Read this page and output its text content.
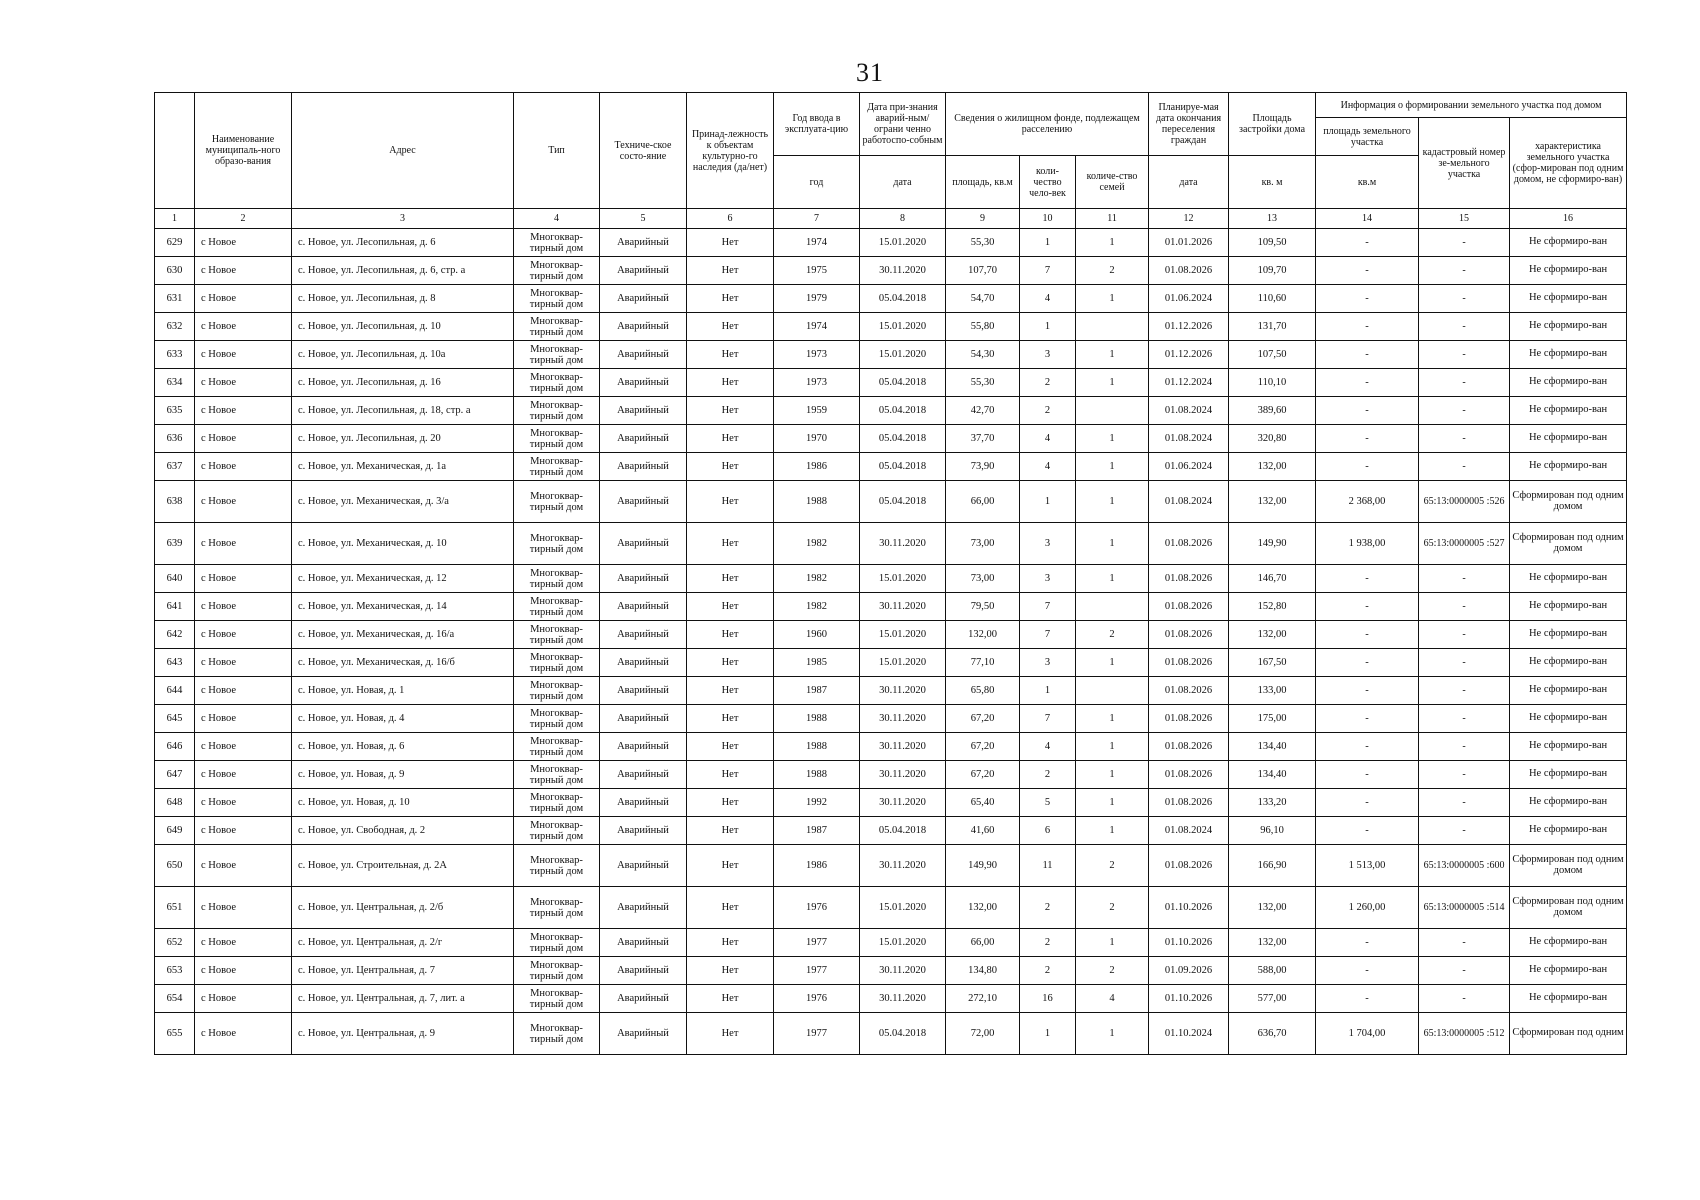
31
	Наименование муниципаль-ного образо-вания	Адрес	Тип	Техниче-ское состо-яние	Принад-лежность к объектам культурно-го наследия (да/нет)	Год ввода в эксплуата-цию	Дата при-знания аварий-ным/ограни ченно работоспо-собным	Сведения о жилищном фонде, подлежащем расселению			Планируе-мая дата окончания переселения граждан	Площадь застройки дома	Информация о формировании земельного участка под домом		
													площадь земельного участка	кадастровый номер зе-мельного участка	характеристика земельного участка (сфор-мирован под одним домом, не сформиро-ван)
						год	дата	площадь, кв.м	коли-чество чело-век	количе-ство семей	дата	кв. м	кв.м		
1	2	3	4	5	6	7	8	9	10	11	12	13	14	15	16
629	с Новое	с. Новое, ул. Лесопильная, д. 6	Многоквар-тирный дом	Аварийный	Нет	1974	15.01.2020	55,30	1	1	01.01.2026	109,50	-	-	Не сформиро-ван
630	с Новое	с. Новое, ул. Лесопильная, д. 6, стр. а	Многоквар-тирный дом	Аварийный	Нет	1975	30.11.2020	107,70	7	2	01.08.2026	109,70	-	-	Не сформиро-ван
631	с Новое	с. Новое, ул. Лесопильная, д. 8	Многоквар-тирный дом	Аварийный	Нет	1979	05.04.2018	54,70	4	1	01.06.2024	110,60	-	-	Не сформиро-ван
632	с Новое	с. Новое, ул. Лесопильная, д. 10	Многоквар-тирный дом	Аварийный	Нет	1974	15.01.2020	55,80	1		01.12.2026	131,70	-	-	Не сформиро-ван
633	с Новое	с. Новое, ул. Лесопильная, д. 10а	Многоквар-тирный дом	Аварийный	Нет	1973	15.01.2020	54,30	3	1	01.12.2026	107,50	-	-	Не сформиро-ван
634	с Новое	с. Новое, ул. Лесопильная, д. 16	Многоквар-тирный дом	Аварийный	Нет	1973	05.04.2018	55,30	2	1	01.12.2024	110,10	-	-	Не сформиро-ван
635	с Новое	с. Новое, ул. Лесопильная, д. 18, стр. а	Многоквар-тирный дом	Аварийный	Нет	1959	05.04.2018	42,70	2		01.08.2024	389,60	-	-	Не сформиро-ван
636	с Новое	с. Новое, ул. Лесопильная, д. 20	Многоквар-тирный дом	Аварийный	Нет	1970	05.04.2018	37,70	4	1	01.08.2024	320,80	-	-	Не сформиро-ван
637	с Новое	с. Новое, ул. Механическая, д. 1а	Многоквар-тирный дом	Аварийный	Нет	1986	05.04.2018	73,90	4	1	01.06.2024	132,00	-	-	Не сформиро-ван
638	с Новое	с. Новое, ул. Механическая, д. 3/а	Многоквар-тирный дом	Аварийный	Нет	1988	05.04.2018	66,00	1	1	01.08.2024	132,00	2 368,00	65:13:0000005 :526	Сформирован под одним домом
639	с Новое	с. Новое, ул. Механическая, д. 10	Многоквар-тирный дом	Аварийный	Нет	1982	30.11.2020	73,00	3	1	01.08.2026	149,90	1 938,00	65:13:0000005 :527	Сформирован под одним домом
640	с Новое	с. Новое, ул. Механическая, д. 12	Многоквар-тирный дом	Аварийный	Нет	1982	15.01.2020	73,00	3	1	01.08.2026	146,70	-	-	Не сформиро-ван
641	с Новое	с. Новое, ул. Механическая, д. 14	Многоквар-тирный дом	Аварийный	Нет	1982	30.11.2020	79,50	7		01.08.2026	152,80	-	-	Не сформиро-ван
642	с Новое	с. Новое, ул. Механическая, д. 16/а	Многоквар-тирный дом	Аварийный	Нет	1960	15.01.2020	132,00	7	2	01.08.2026	132,00	-	-	Не сформиро-ван
643	с Новое	с. Новое, ул. Механическая, д. 16/б	Многоквар-тирный дом	Аварийный	Нет	1985	15.01.2020	77,10	3	1	01.08.2026	167,50	-	-	Не сформиро-ван
644	с Новое	с. Новое, ул. Новая, д. 1	Многоквар-тирный дом	Аварийный	Нет	1987	30.11.2020	65,80	1		01.08.2026	133,00	-	-	Не сформиро-ван
645	с Новое	с. Новое, ул. Новая, д. 4	Многоквар-тирный дом	Аварийный	Нет	1988	30.11.2020	67,20	7	1	01.08.2026	175,00	-	-	Не сформиро-ван
646	с Новое	с. Новое, ул. Новая, д. 6	Многоквар-тирный дом	Аварийный	Нет	1988	30.11.2020	67,20	4	1	01.08.2026	134,40	-	-	Не сформиро-ван
647	с Новое	с. Новое, ул. Новая, д. 9	Многоквар-тирный дом	Аварийный	Нет	1988	30.11.2020	67,20	2	1	01.08.2026	134,40	-	-	Не сформиро-ван
648	с Новое	с. Новое, ул. Новая, д. 10	Многоквар-тирный дом	Аварийный	Нет	1992	30.11.2020	65,40	5	1	01.08.2026	133,20	-	-	Не сформиро-ван
649	с Новое	с. Новое, ул. Свободная, д. 2	Многоквар-тирный дом	Аварийный	Нет	1987	05.04.2018	41,60	6	1	01.08.2024	96,10	-	-	Не сформиро-ван
650	с Новое	с. Новое, ул. Строительная, д. 2А	Многоквар-тирный дом	Аварийный	Нет	1986	30.11.2020	149,90	11	2	01.08.2026	166,90	1 513,00	65:13:0000005 :600	Сформирован под одним домом
651	с Новое	с. Новое, ул. Центральная, д. 2/б	Многоквар-тирный дом	Аварийный	Нет	1976	15.01.2020	132,00	2	2	01.10.2026	132,00	1 260,00	65:13:0000005 :514	Сформирован под одним домом
652	с Новое	с. Новое, ул. Центральная, д. 2/г	Многоквар-тирный дом	Аварийный	Нет	1977	15.01.2020	66,00	2	1	01.10.2026	132,00	-	-	Не сформиро-ван
653	с Новое	с. Новое, ул. Центральная, д. 7	Многоквар-тирный дом	Аварийный	Нет	1977	30.11.2020	134,80	2	2	01.09.2026	588,00	-	-	Не сформиро-ван
654	с Новое	с. Новое, ул. Центральная, д. 7, лит. а	Многоквар-тирный дом	Аварийный	Нет	1976	30.11.2020	272,10	16	4	01.10.2026	577,00	-	-	Не сформиро-ван
655	с Новое	с. Новое, ул. Центральная, д. 9	Многоквар-тирный дом	Аварийный	Нет	1977	05.04.2018	72,00	1	1	01.10.2024	636,70	1 704,00	65:13:0000005 :512	Сформирован под одним
